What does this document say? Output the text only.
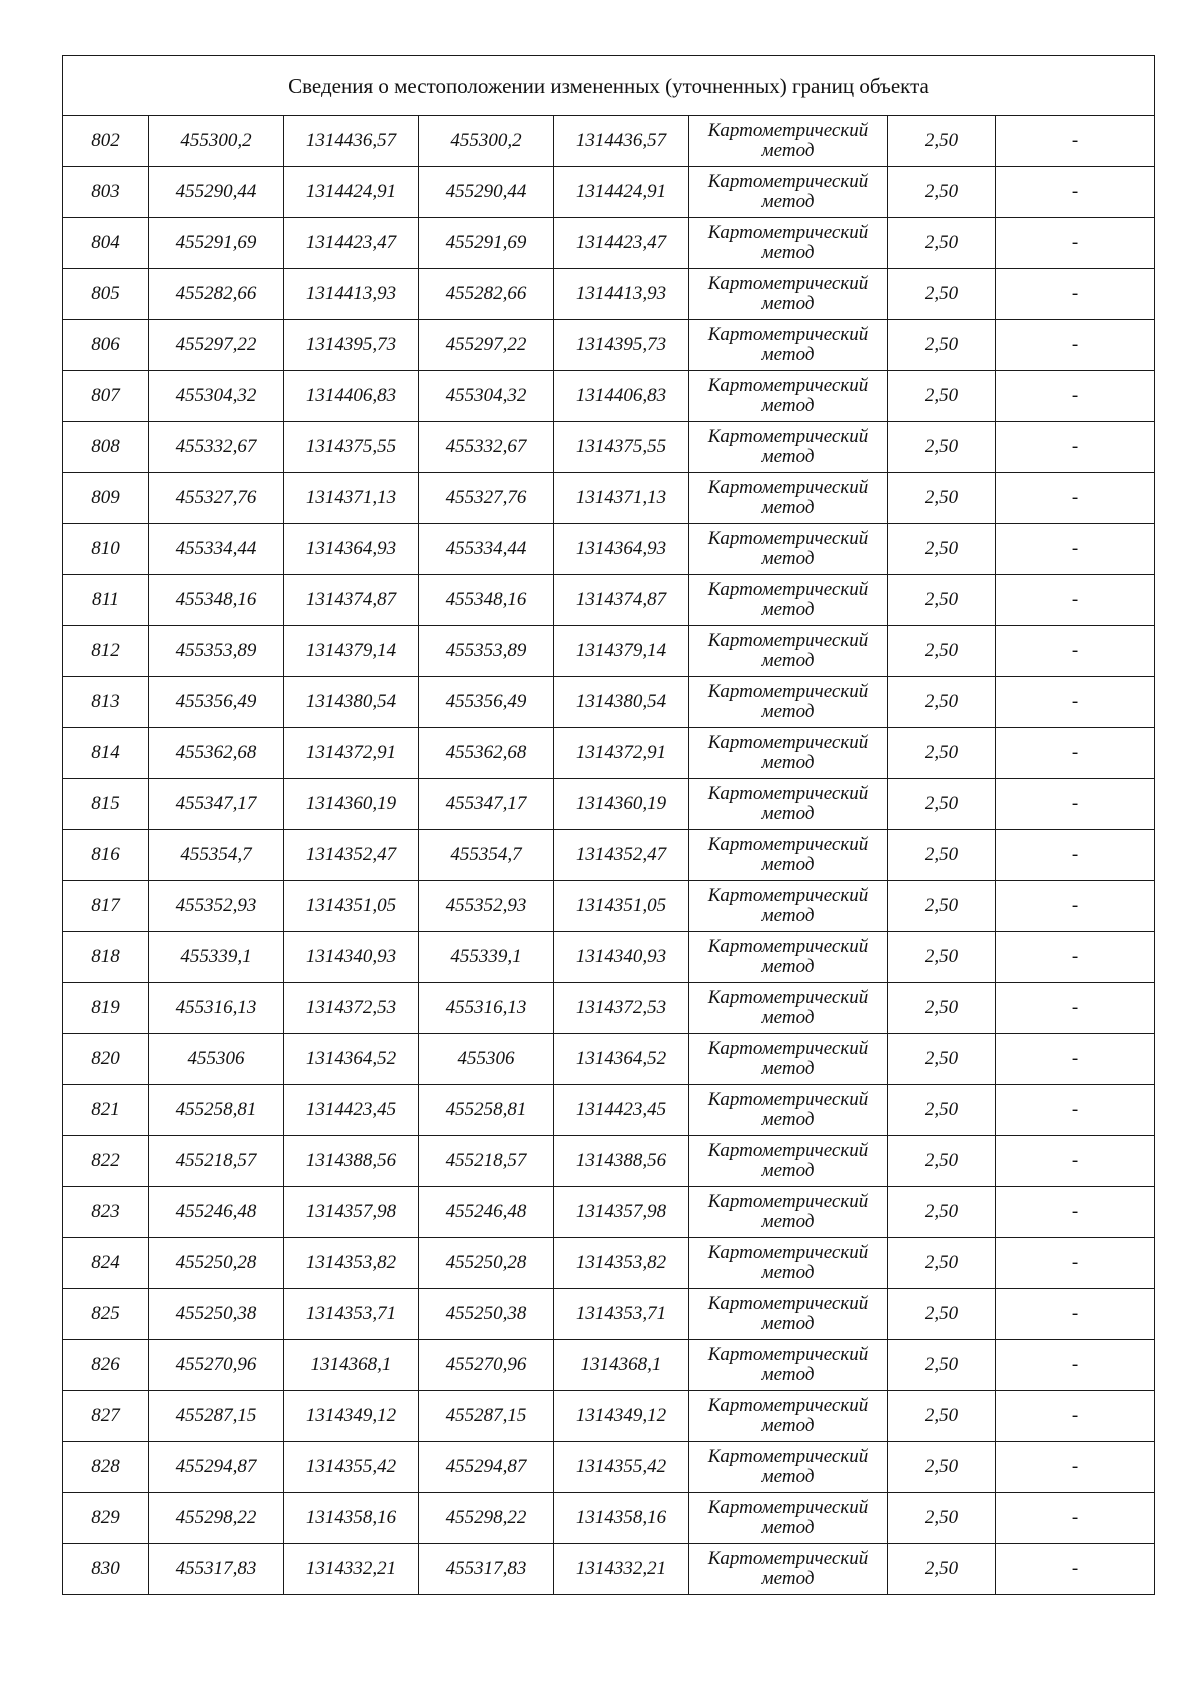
Сведения о местоположении измененных (уточненных) границ объекта							
802	455300,2	1314436,57	455300,2	1314436,57	Картометрический метод	2,50	-
803	455290,44	1314424,91	455290,44	1314424,91	Картометрический метод	2,50	-
804	455291,69	1314423,47	455291,69	1314423,47	Картометрический метод	2,50	-
805	455282,66	1314413,93	455282,66	1314413,93	Картометрический метод	2,50	-
806	455297,22	1314395,73	455297,22	1314395,73	Картометрический метод	2,50	-
807	455304,32	1314406,83	455304,32	1314406,83	Картометрический метод	2,50	-
808	455332,67	1314375,55	455332,67	1314375,55	Картометрический метод	2,50	-
809	455327,76	1314371,13	455327,76	1314371,13	Картометрический метод	2,50	-
810	455334,44	1314364,93	455334,44	1314364,93	Картометрический метод	2,50	-
811	455348,16	1314374,87	455348,16	1314374,87	Картометрический метод	2,50	-
812	455353,89	1314379,14	455353,89	1314379,14	Картометрический метод	2,50	-
813	455356,49	1314380,54	455356,49	1314380,54	Картометрический метод	2,50	-
814	455362,68	1314372,91	455362,68	1314372,91	Картометрический метод	2,50	-
815	455347,17	1314360,19	455347,17	1314360,19	Картометрический метод	2,50	-
816	455354,7	1314352,47	455354,7	1314352,47	Картометрический метод	2,50	-
817	455352,93	1314351,05	455352,93	1314351,05	Картометрический метод	2,50	-
818	455339,1	1314340,93	455339,1	1314340,93	Картометрический метод	2,50	-
819	455316,13	1314372,53	455316,13	1314372,53	Картометрический метод	2,50	-
820	455306	1314364,52	455306	1314364,52	Картометрический метод	2,50	-
821	455258,81	1314423,45	455258,81	1314423,45	Картометрический метод	2,50	-
822	455218,57	1314388,56	455218,57	1314388,56	Картометрический метод	2,50	-
823	455246,48	1314357,98	455246,48	1314357,98	Картометрический метод	2,50	-
824	455250,28	1314353,82	455250,28	1314353,82	Картометрический метод	2,50	-
825	455250,38	1314353,71	455250,38	1314353,71	Картометрический метод	2,50	-
826	455270,96	1314368,1	455270,96	1314368,1	Картометрический метод	2,50	-
827	455287,15	1314349,12	455287,15	1314349,12	Картометрический метод	2,50	-
828	455294,87	1314355,42	455294,87	1314355,42	Картометрический метод	2,50	-
829	455298,22	1314358,16	455298,22	1314358,16	Картометрический метод	2,50	-
830	455317,83	1314332,21	455317,83	1314332,21	Картометрический метод	2,50	-
